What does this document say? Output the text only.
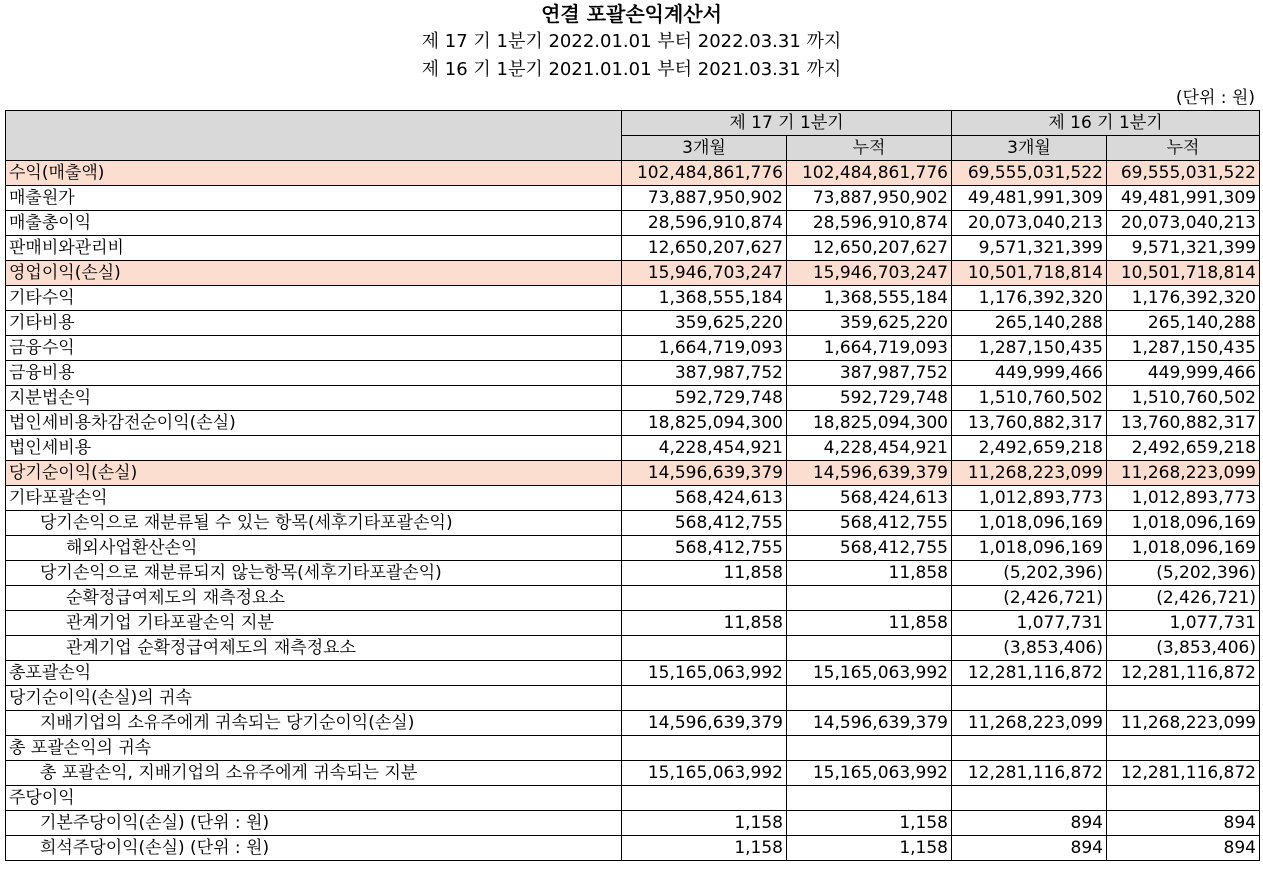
연결 포괄손익계산서
제 17 기 1분기 2022.01.01 부터 2022.03.31 까지
제 16 기 1분기 2021.01.01 부터 2021.03.31 까지
(단위 : 원)
	제 17 기 1분기		제 16 기 1분기	
	3개월	누적	3개월	누적
수익(매출액)	102,484,861,776	102,484,861,776	69,555,031,522	69,555,031,522
매출원가	73,887,950,902	73,887,950,902	49,481,991,309	49,481,991,309
매출총이익	28,596,910,874	28,596,910,874	20,073,040,213	20,073,040,213
판매비와관리비	12,650,207,627	12,650,207,627	9,571,321,399	9,571,321,399
영업이익(손실)	15,946,703,247	15,946,703,247	10,501,718,814	10,501,718,814
기타수익	1,368,555,184	1,368,555,184	1,176,392,320	1,176,392,320
기타비용	359,625,220	359,625,220	265,140,288	265,140,288
금융수익	1,664,719,093	1,664,719,093	1,287,150,435	1,287,150,435
금융비용	387,987,752	387,987,752	449,999,466	449,999,466
지분법손익	592,729,748	592,729,748	1,510,760,502	1,510,760,502
법인세비용차감전순이익(손실)	18,825,094,300	18,825,094,300	13,760,882,317	13,760,882,317
법인세비용	4,228,454,921	4,228,454,921	2,492,659,218	2,492,659,218
당기순이익(손실)	14,596,639,379	14,596,639,379	11,268,223,099	11,268,223,099
기타포괄손익	568,424,613	568,424,613	1,012,893,773	1,012,893,773
당기손익으로 재분류될 수 있는 항목(세후기타포괄손익)	568,412,755	568,412,755	1,018,096,169	1,018,096,169
해외사업환산손익	568,412,755	568,412,755	1,018,096,169	1,018,096,169
당기손익으로 재분류되지 않는항목(세후기타포괄손익)	11,858	11,858	(5,202,396)	(5,202,396)
순확정급여제도의 재측정요소			(2,426,721)	(2,426,721)
관계기업 기타포괄손익 지분	11,858	11,858	1,077,731	1,077,731
관계기업 순확정급여제도의 재측정요소			(3,853,406)	(3,853,406)
총포괄손익	15,165,063,992	15,165,063,992	12,281,116,872	12,281,116,872
당기순이익(손실)의 귀속				
지배기업의 소유주에게 귀속되는 당기순이익(손실)	14,596,639,379	14,596,639,379	11,268,223,099	11,268,223,099
총 포괄손익의 귀속				
총 포괄손익, 지배기업의 소유주에게 귀속되는 지분	15,165,063,992	15,165,063,992	12,281,116,872	12,281,116,872
주당이익				
기본주당이익(손실) (단위 : 원)	1,158	1,158	894	894
희석주당이익(손실) (단위 : 원)	1,158	1,158	894	894
